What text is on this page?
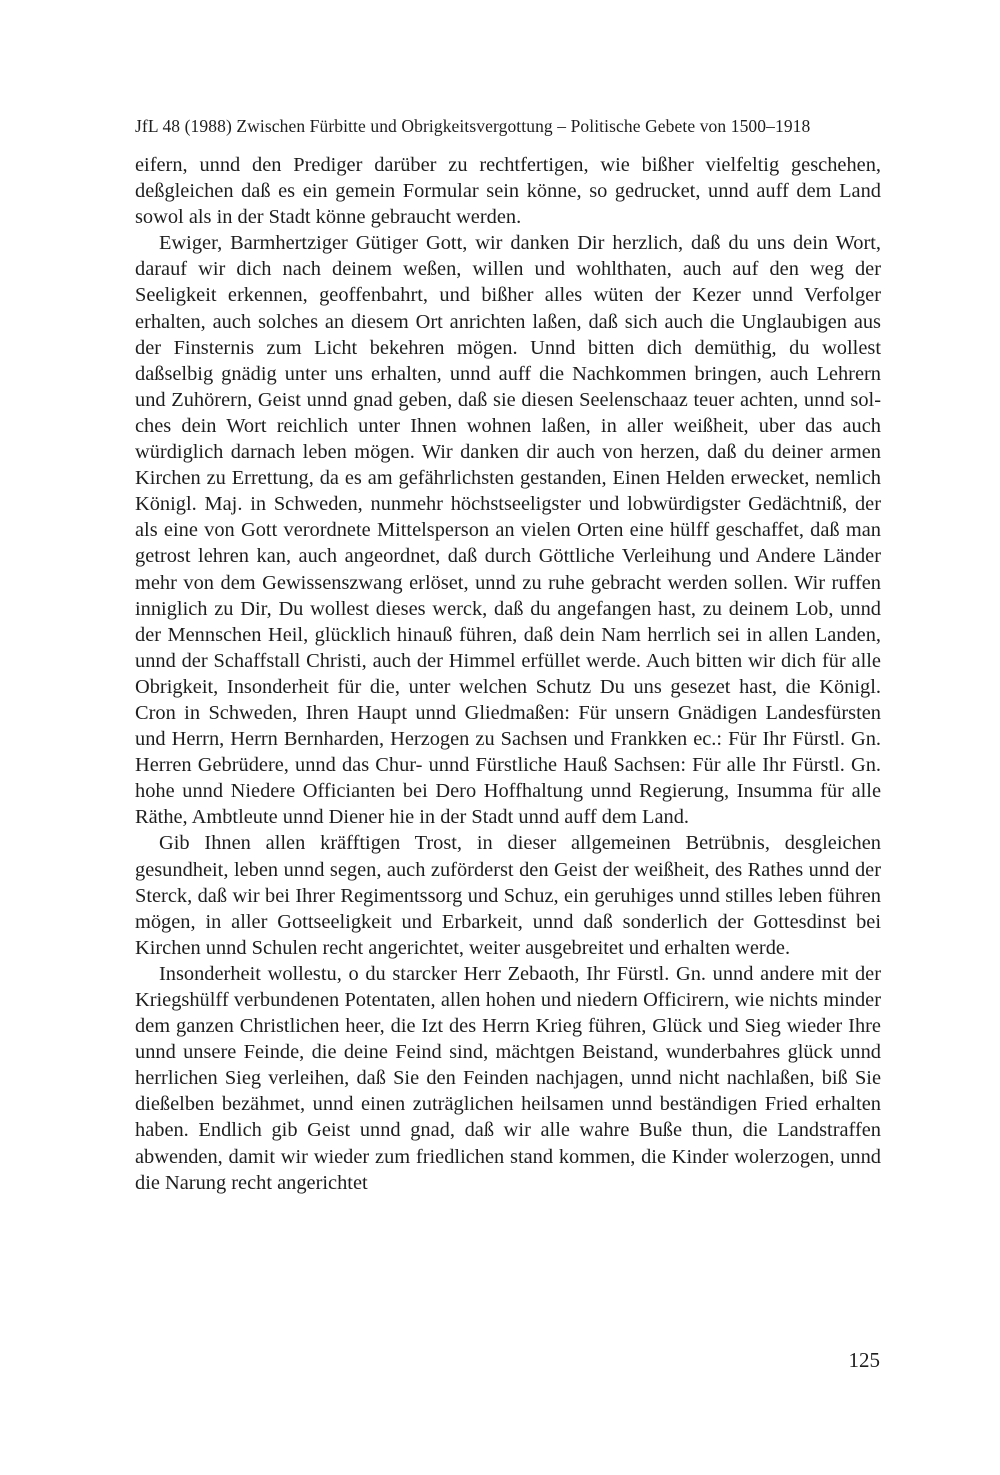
JfL 48 (1988) Zwischen Fürbitte und Obrigkeitsvergottung – Politische Gebete von 1500–1918

eifern, unnd den Prediger darüber zu rechtfertigen, wie bißher vielfeltig geschehen, deßgleichen daß es ein gemein Formular sein könne, so gedrucket, unnd auff dem Land sowol als in der Stadt könne gebraucht werden.

Ewiger, Barmhertziger Gütiger Gott, wir danken Dir herzlich, daß du uns dein Wort, darauf wir dich nach deinem weßen, willen und wohlthaten, auch auf den weg der Seeligkeit erkennen, geoffenbahrt, und bißher alles wüten der Kezer unnd Verfolger erhalten, auch solches an diesem Ort anrichten laßen, daß sich auch die Unglaubigen aus der Finsternis zum Licht bekehren mögen. Unnd bitten dich demüthig, du wollest daßselbig gnädig unter uns erhalten, unnd auff die Nachkommen bringen, auch Lehrern und Zuhörern, Geist unnd gnad geben, daß sie diesen Seelenschaaz teuer achten, unnd solches dein Wort reichlich unter Ihnen wohnen laßen, in aller weißheit, uber das auch würdiglich darnach leben mögen. Wir danken dir auch von herzen, daß du deiner armen Kirchen zu Errettung, da es am gefährlichsten gestanden, Einen Helden erwecket, nemlich Königl. Maj. in Schweden, nunmehr höchstseeligster und lobwürdigster Gedächtniß, der als eine von Gott verordnete Mittelsperson an vielen Orten eine hülff geschaffet, daß man getrost lehren kan, auch angeordnet, daß durch Göttliche Verleihung und Andere Länder mehr von dem Gewissenszwang erlöset, unnd zu ruhe gebracht werden sollen. Wir ruffen inniglich zu Dir, Du wollest dieses werck, daß du angefangen hast, zu deinem Lob, unnd der Mennschen Heil, glücklich hinauß führen, daß dein Nam herrlich sei in allen Landen, unnd der Schaffstall Christi, auch der Himmel erfüllet werde. Auch bitten wir dich für alle Obrigkeit, Insonderheit für die, unter welchen Schutz Du uns gesezet hast, die Königl. Cron in Schweden, Ihren Haupt unnd Gliedmaßen: Für unsern Gnädigen Landesfürsten und Herrn, Herrn Bernharden, Herzogen zu Sachsen und Frankken ec.: Für Ihr Fürstl. Gn. Herren Gebrüdere, unnd das Chur- unnd Fürstliche Hauß Sachsen: Für alle Ihr Fürstl. Gn. hohe unnd Niedere Officianten bei Dero Hoffhaltung unnd Regierung, Insumma für alle Räthe, Ambtleute unnd Diener hie in der Stadt unnd auff dem Land.

Gib Ihnen allen kräfftigen Trost, in dieser allgemeinen Betrübnis, desgleichen gesundheit, leben unnd segen, auch zuförderst den Geist der weißheit, des Rathes unnd der Sterck, daß wir bei Ihrer Regimentssorg und Schuz, ein geruhiges unnd stilles leben führen mögen, in aller Gottseeligkeit und Erbarkeit, unnd daß sonderlich der Gottesdinst bei Kirchen unnd Schulen recht angerichtet, weiter ausgebreitet und erhalten werde.

Insonderheit wollestu, o du starcker Herr Zebaoth, Ihr Fürstl. Gn. unnd andere mit der Kriegshülff verbundenen Potentaten, allen hohen und niedern Officirern, wie nichts minder dem ganzen Christlichen heer, die Izt des Herrn Krieg führen, Glück und Sieg wieder Ihre unnd unsere Feinde, die deine Feind sind, mächtgen Beistand, wunderbahres glück unnd herrlichen Sieg verleihen, daß Sie den Feinden nachjagen, unnd nicht nachlaßen, biß Sie dießelben bezähmet, unnd einen zuträglichen heilsamen unnd beständigen Fried erhalten haben. Endlich gib Geist unnd gnad, daß wir alle wahre Buße thun, die Landstraffen abwenden, damit wir wieder zum friedlichen stand kommen, die Kinder wolerzogen, unnd die Narung recht angerichtet

125
